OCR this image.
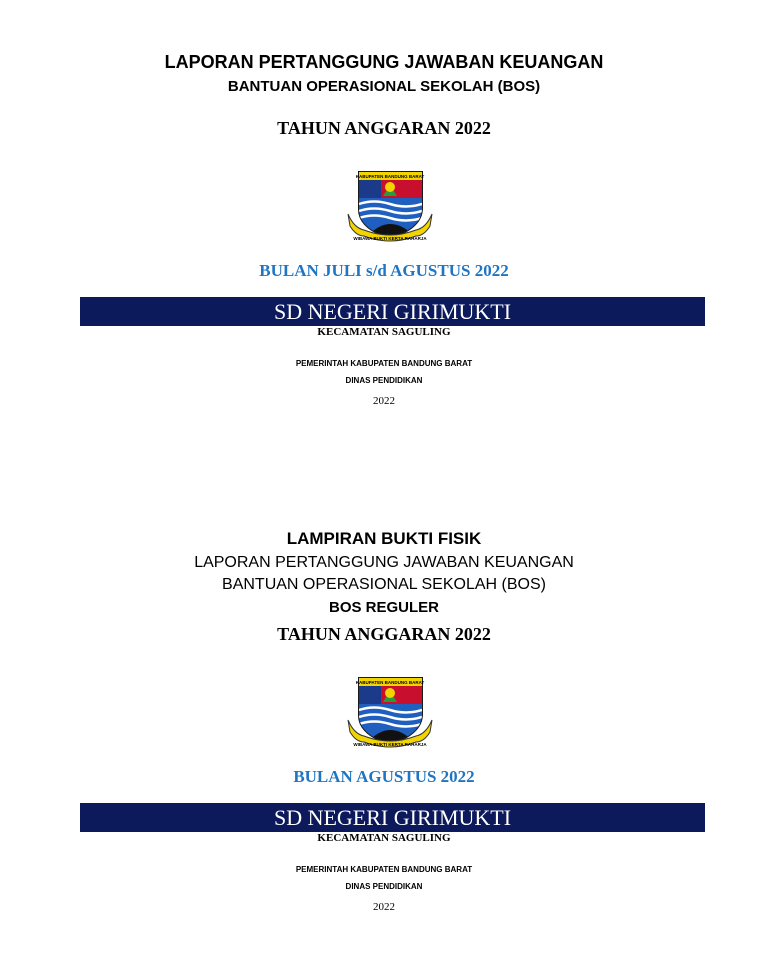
LAPORAN PERTANGGUNG JAWABAN KEUANGAN
BANTUAN OPERASIONAL SEKOLAH (BOS)
TAHUN ANGGARAN 2022
KABUPATEN BANDUNG BARAT
WIBAWA BUKTI KERTA RAHARJA
BULAN JULI s/d AGUSTUS 2022
SD NEGERI GIRIMUKTI
KECAMATAN SAGULING
PEMERINTAH KABUPATEN BANDUNG BARAT
DINAS PENDIDIKAN
2022
LAMPIRAN BUKTI FISIK
LAPORAN PERTANGGUNG JAWABAN KEUANGAN
BANTUAN OPERASIONAL SEKOLAH (BOS)
BOS REGULER
TAHUN ANGGARAN 2022
KABUPATEN BANDUNG BARAT
WIBAWA BUKTI KERTA RAHARJA
BULAN AGUSTUS 2022
SD NEGERI GIRIMUKTI
KECAMATAN SAGULING
PEMERINTAH KABUPATEN BANDUNG BARAT
DINAS PENDIDIKAN
2022
